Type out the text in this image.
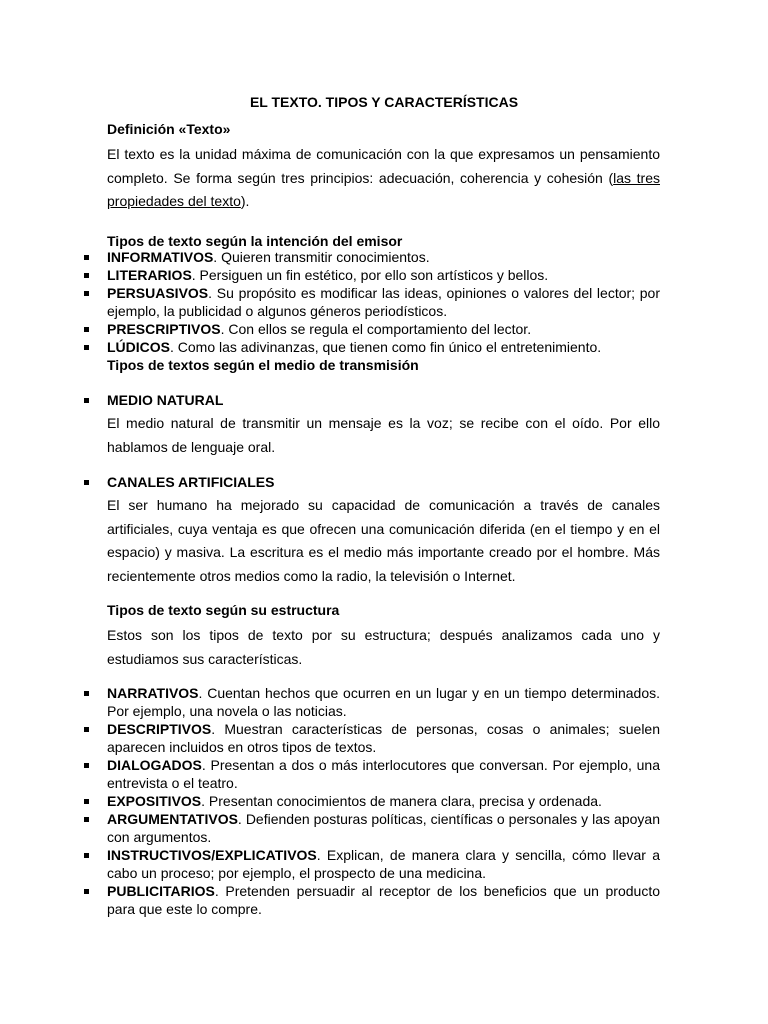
EL TEXTO. TIPOS Y CARACTERÍSTICAS
Definición «Texto»
El texto es la unidad máxima de comunicación con la que expresamos un pensamiento completo. Se forma según tres principios: adecuación, coherencia y cohesión (las tres propiedades del texto).
Tipos de texto según la intención del emisor
INFORMATIVOS. Quieren transmitir conocimientos.
LITERARIOS. Persiguen un fin estético, por ello son artísticos y bellos.
PERSUASIVOS. Su propósito es modificar las ideas, opiniones o valores del lector; por ejemplo, la publicidad o algunos géneros periodísticos.
PRESCRIPTIVOS. Con ellos se regula el comportamiento del lector.
LÚDICOS. Como las adivinanzas, que tienen como fin único el entretenimiento.
Tipos de textos según el medio de transmisión
MEDIO NATURAL
El medio natural de transmitir un mensaje es la voz; se recibe con el oído. Por ello hablamos de lenguaje oral.
CANALES ARTIFICIALES
El ser humano ha mejorado su capacidad de comunicación a través de canales artificiales, cuya ventaja es que ofrecen una comunicación diferida (en el tiempo y en el espacio) y masiva. La escritura es el medio más importante creado por el hombre. Más recientemente otros medios como la radio, la televisión o Internet.
Tipos de texto según su estructura
Estos son los tipos de texto por su estructura; después analizamos cada uno y estudiamos sus características.
NARRATIVOS. Cuentan hechos que ocurren en un lugar y en un tiempo determinados. Por ejemplo, una novela o las noticias.
DESCRIPTIVOS. Muestran características de personas, cosas o animales; suelen aparecen incluidos en otros tipos de textos.
DIALOGADOS. Presentan a dos o más interlocutores que conversan. Por ejemplo, una entrevista o el teatro.
EXPOSITIVOS. Presentan conocimientos de manera clara, precisa y ordenada.
ARGUMENTATIVOS. Defienden posturas políticas, científicas o personales y las apoyan con argumentos.
INSTRUCTIVOS/EXPLICATIVOS. Explican, de manera clara y sencilla, cómo llevar a cabo un proceso; por ejemplo, el prospecto de una medicina.
PUBLICITARIOS. Pretenden persuadir al receptor de los beneficios que un producto para que este lo compre.
